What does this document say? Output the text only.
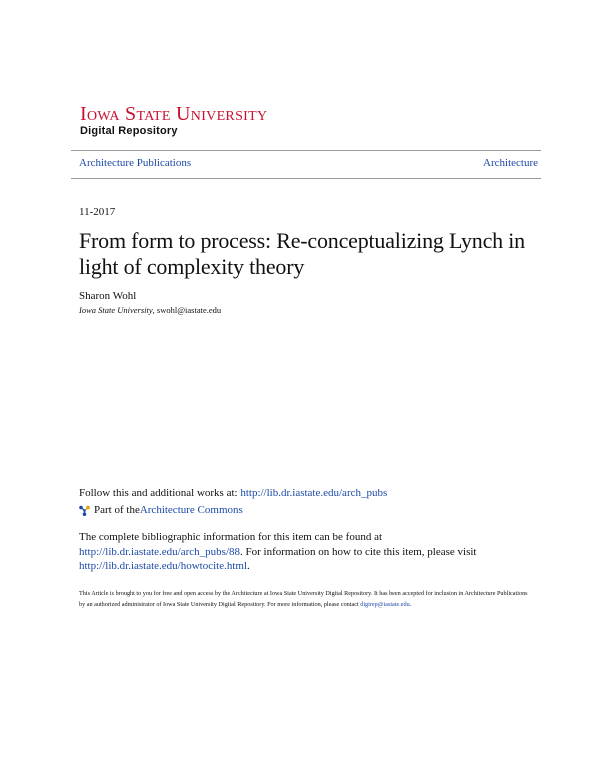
Iowa State University
Digital Repository
Architecture Publications	Architecture
11-2017
From form to process: Re-conceptualizing Lynch in light of complexity theory
Sharon Wohl
Iowa State University, swohl@iastate.edu
Follow this and additional works at: http://lib.dr.iastate.edu/arch_pubs
Part of the Architecture Commons
The complete bibliographic information for this item can be found at http://lib.dr.iastate.edu/arch_pubs/88. For information on how to cite this item, please visit http://lib.dr.iastate.edu/howtocite.html.
This Article is brought to you for free and open access by the Architecture at Iowa State University Digital Repository. It has been accepted for inclusion in Architecture Publications by an authorized administrator of Iowa State University Digital Repository. For more information, please contact digirep@iastate.edu.
